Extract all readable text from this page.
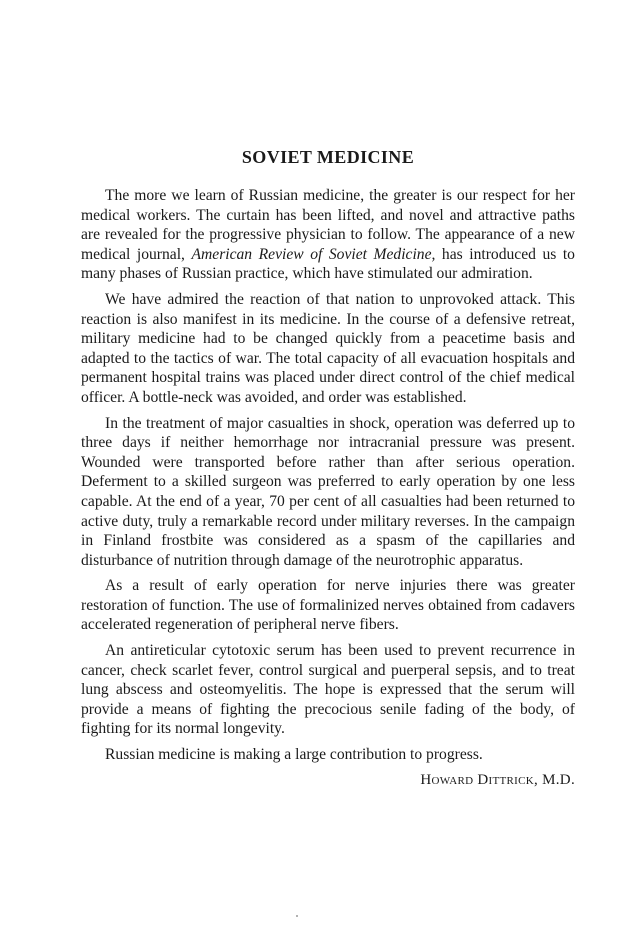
SOVIET MEDICINE

The more we learn of Russian medicine, the greater is our respect for her medical workers. The curtain has been lifted, and novel and attractive paths are revealed for the progressive physician to follow. The appearance of a new medical journal, American Review of Soviet Medicine, has introduced us to many phases of Russian practice, which have stimulated our admiration.

We have admired the reaction of that nation to unprovoked attack. This reaction is also manifest in its medicine. In the course of a defensive retreat, military medicine had to be changed quickly from a peacetime basis and adapted to the tactics of war. The total capacity of all evacuation hospitals and permanent hospital trains was placed under direct control of the chief medical officer. A bottle-neck was avoided, and order was established.

In the treatment of major casualties in shock, operation was deferred up to three days if neither hemorrhage nor intracranial pressure was present. Wounded were transported before rather than after serious operation. Deferment to a skilled surgeon was preferred to early operation by one less capable. At the end of a year, 70 per cent of all casualties had been returned to active duty, truly a remarkable record under military reverses. In the campaign in Finland frostbite was considered as a spasm of the capillaries and disturbance of nutrition through damage of the neurotrophic apparatus.

As a result of early operation for nerve injuries there was greater restoration of function. The use of formalinized nerves obtained from cadavers accelerated regeneration of peripheral nerve fibers.

An antireticular cytotoxic serum has been used to prevent recurrence in cancer, check scarlet fever, control surgical and puerperal sepsis, and to treat lung abscess and osteomyelitis. The hope is expressed that the serum will provide a means of fighting the precocious senile fading of the body, of fighting for its normal longevity.

Russian medicine is making a large contribution to progress.

Howard Dittrick, M.D.
